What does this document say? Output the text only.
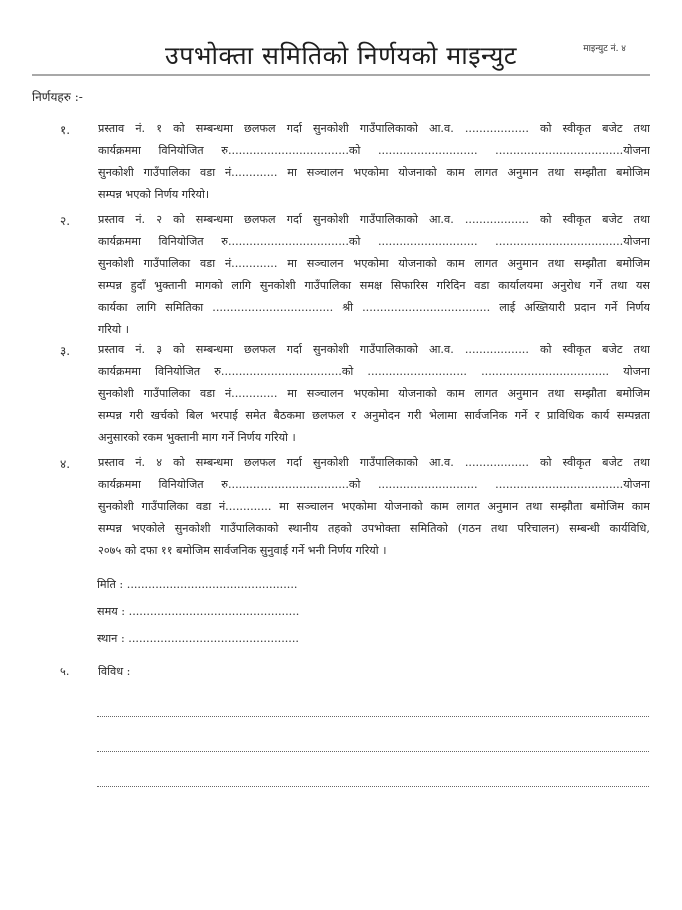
उपभोक्ता समितिको निर्णयको माइन्युट	माइन्युट नं. ४
निर्णयहरु :-
१.	प्रस्ताव नं. १ को सम्बन्धमा छलफल गर्दा सुनकोशी गाउँपालिकाको आ.व. .................. को स्वीकृत बजेट तथा
कार्यक्रममा विनियोजित रु..................................को ............................ ....................................योजना
सुनकोशी गाउँपालिका वडा नं............. मा सञ्चालन भएकोमा योजनाको काम लागत अनुमान तथा सम्झौता बमोजिम
सम्पन्न भएको निर्णय गरियो।
२.	प्रस्ताव नं. २ को सम्बन्धमा छलफल गर्दा सुनकोशी गाउँपालिकाको आ.व. .................. को स्वीकृत बजेट तथा
कार्यक्रममा विनियोजित रु..................................को ............................ ....................................योजना
सुनकोशी गाउँपालिका वडा नं............. मा सञ्चालन भएकोमा योजनाको काम लागत अनुमान तथा सम्झौता बमोजिम
सम्पन्न हुदाँ भुक्तानी मागको लागि सुनकोशी गाउँपालिका समक्ष सिफारिस गरिदिन वडा कार्यालयमा अनुरोध गर्ने तथा यस
कार्यका लागि समितिका .................................. श्री .................................... लाई अख्तियारी प्रदान गर्ने निर्णय
गरियो ।
३.	प्रस्ताव नं. ३ को सम्बन्धमा छलफल गर्दा सुनकोशी गाउँपालिकाको आ.व. .................. को स्वीकृत बजेट तथा
कार्यक्रममा विनियोजित रु..................................को ............................ .................................... योजना
सुनकोशी गाउँपालिका वडा नं............. मा सञ्चालन भएकोमा योजनाको काम लागत अनुमान तथा सम्झौता बमोजिम
सम्पन्न गरी खर्चको बिल भरपाई समेत बैठकमा छलफल र अनुमोदन गरी भेलामा सार्वजनिक गर्ने र प्राविधिक कार्य सम्पन्नता
अनुसारको रकम भुक्तानी माग गर्ने निर्णय गरियो ।
४.	प्रस्ताव नं. ४ को सम्बन्धमा छलफल गर्दा सुनकोशी गाउँपालिकाको आ.व. .................. को स्वीकृत बजेट तथा
कार्यक्रममा विनियोजित रु..................................को ............................ ....................................योजना
सुनकोशी गाउँपालिका वडा नं............. मा सञ्चालन भएकोमा योजनाको काम लागत अनुमान तथा सम्झौता बमोजिम काम
सम्पन्न भएकोले सुनकोशी गाउँपालिकाको स्थानीय तहको उपभोक्ता समितिको (गठन तथा परिचालन) सम्बन्धी कार्यविधि,
२०७५ को दफा ११ बमोजिम सार्वजनिक सुनुवाई गर्ने भनी निर्णय गरियो ।
मिति : ................................................
समय : ................................................
स्थान : ................................................
५.	विविध :
